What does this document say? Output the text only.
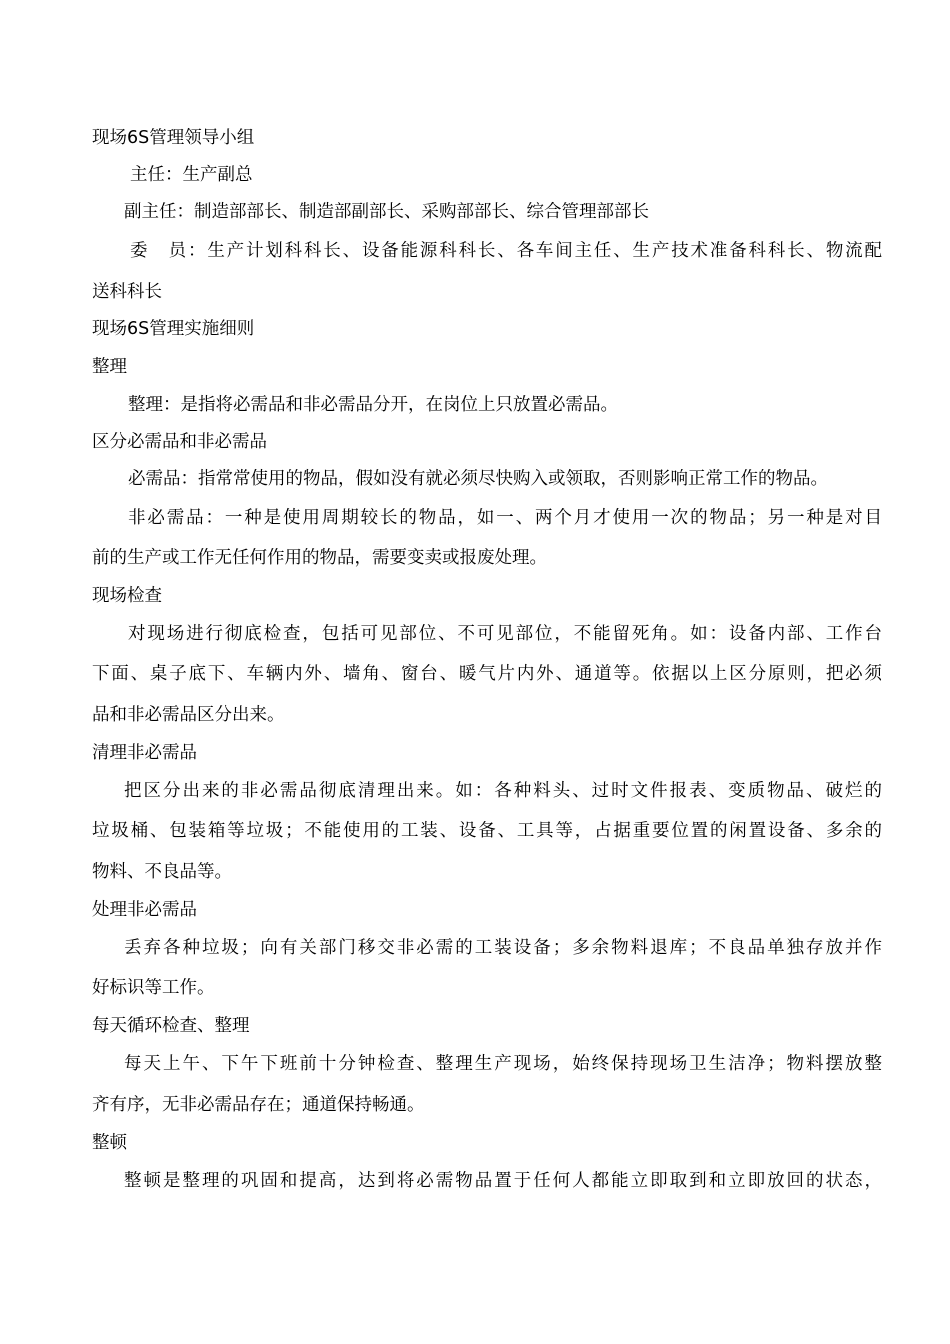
现场6S管理领导小组
主任：生产副总
副主任：制造部部长、制造部副部长、采购部部长、综合管理部部长
委　员：生产计划科科长、设备能源科科长、各车间主任、生产技术准备科科长、物流配
送科科长
现场6S管理实施细则
整理
整理：是指将必需品和非必需品分开，在岗位上只放置必需品。
区分必需品和非必需品
必需品：指常常使用的物品，假如没有就必须尽快购入或领取，否则影响正常工作的物品。
非必需品：一种是使用周期较长的物品，如一、两个月才使用一次的物品；另一种是对目
前的生产或工作无任何作用的物品，需要变卖或报废处理。
现场检查
对现场进行彻底检查，包括可见部位、不可见部位，不能留死角。如：设备内部、工作台
下面、桌子底下、车辆内外、墙角、窗台、暖气片内外、通道等。依据以上区分原则，把必须
品和非必需品区分出来。
清理非必需品
把区分出来的非必需品彻底清理出来。如：各种料头、过时文件报表、变质物品、破烂的
垃圾桶、包装箱等垃圾；不能使用的工装、设备、工具等，占据重要位置的闲置设备、多余的
物料、不良品等。
处理非必需品
丢弃各种垃圾；向有关部门移交非必需的工装设备；多余物料退库；不良品单独存放并作
好标识等工作。
每天循环检查、整理
每天上午、下午下班前十分钟检查、整理生产现场，始终保持现场卫生洁净；物料摆放整
齐有序，无非必需品存在；通道保持畅通。
整顿
整顿是整理的巩固和提高，达到将必需物品置于任何人都能立即取到和立即放回的状态，
